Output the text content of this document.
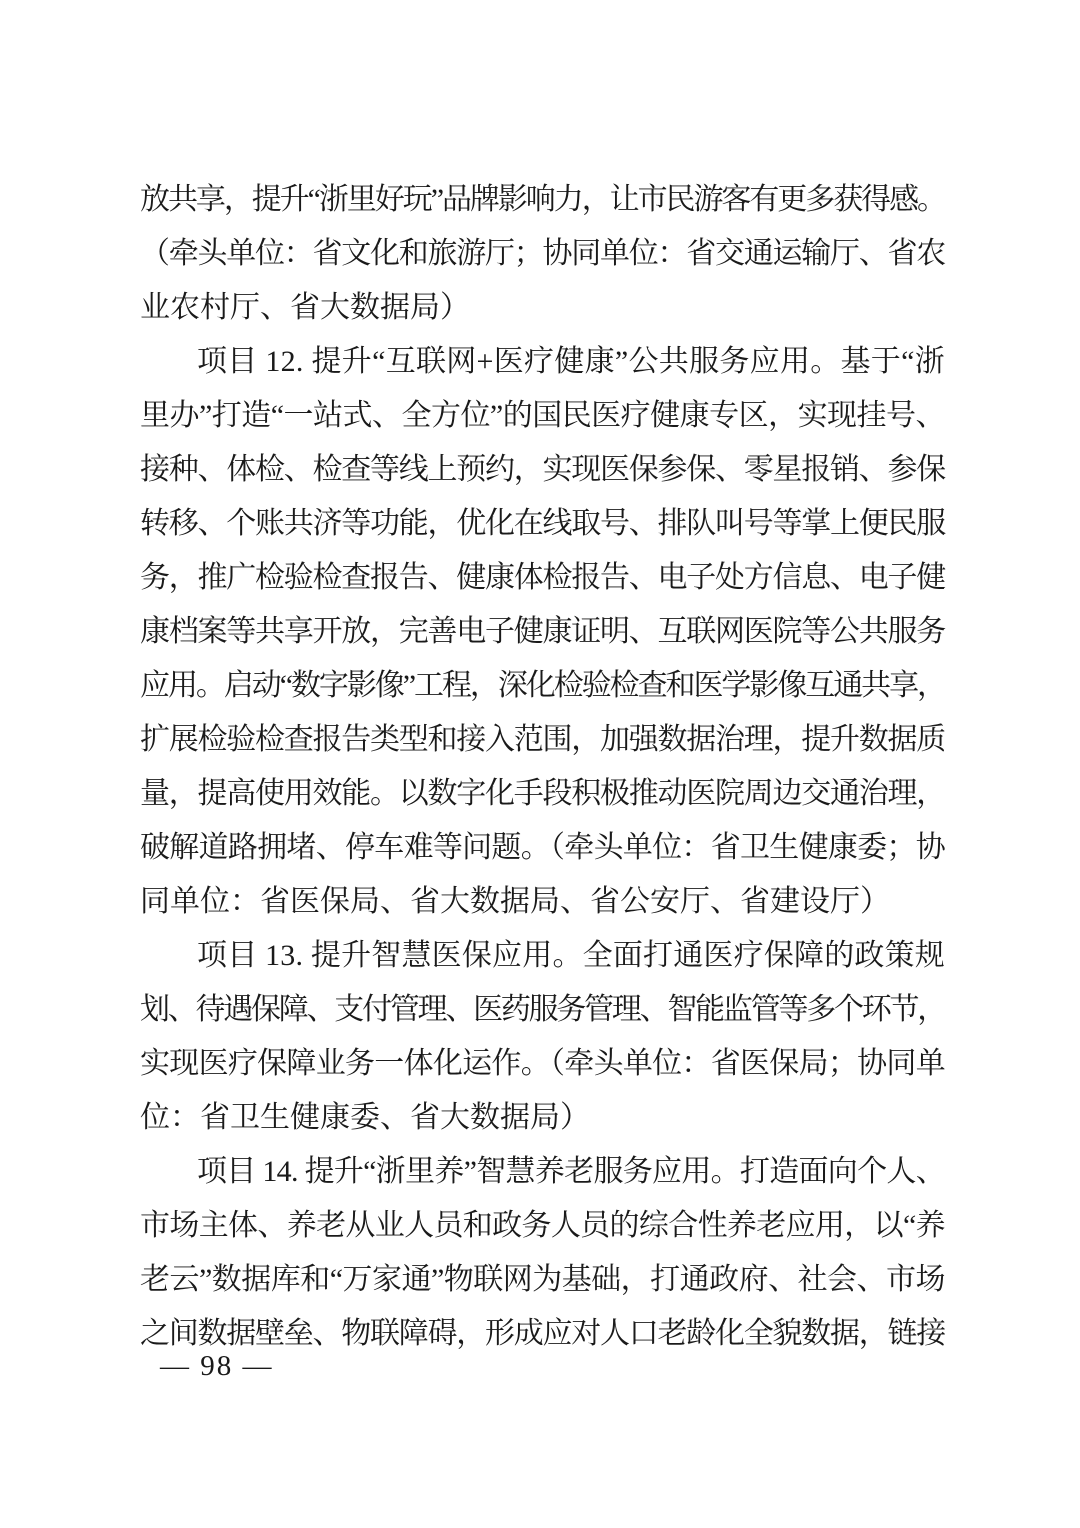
放共享，提升“浙里好玩”品牌影响力，让市民游客有更多获得感。
（牵头单位：省文化和旅游厅；协同单位：省交通运输厅、省农
业农村厅、省大数据局）
项目 12. 提升“互联网+医疗健康”公共服务应用。基于“浙
里办”打造“一站式、全方位”的国民医疗健康专区，实现挂号、
接种、体检、检查等线上预约，实现医保参保、零星报销、参保
转移、个账共济等功能，优化在线取号、排队叫号等掌上便民服
务，推广检验检查报告、健康体检报告、电子处方信息、电子健
康档案等共享开放，完善电子健康证明、互联网医院等公共服务
应用。启动“数字影像”工程，深化检验检查和医学影像互通共享，
扩展检验检查报告类型和接入范围，加强数据治理，提升数据质
量，提高使用效能。以数字化手段积极推动医院周边交通治理，
破解道路拥堵、停车难等问题。（牵头单位：省卫生健康委；协
同单位：省医保局、省大数据局、省公安厅、省建设厅）
项目 13. 提升智慧医保应用。全面打通医疗保障的政策规
划、待遇保障、支付管理、医药服务管理、智能监管等多个环节，
实现医疗保障业务一体化运作。（牵头单位：省医保局；协同单
位：省卫生健康委、省大数据局）
项目 14. 提升“浙里养”智慧养老服务应用。打造面向个人、
市场主体、养老从业人员和政务人员的综合性养老应用，以“养
老云”数据库和“万家通”物联网为基础，打通政府、社会、市场
之间数据壁垒、物联障碍，形成应对人口老龄化全貌数据，链接
— 98 —
